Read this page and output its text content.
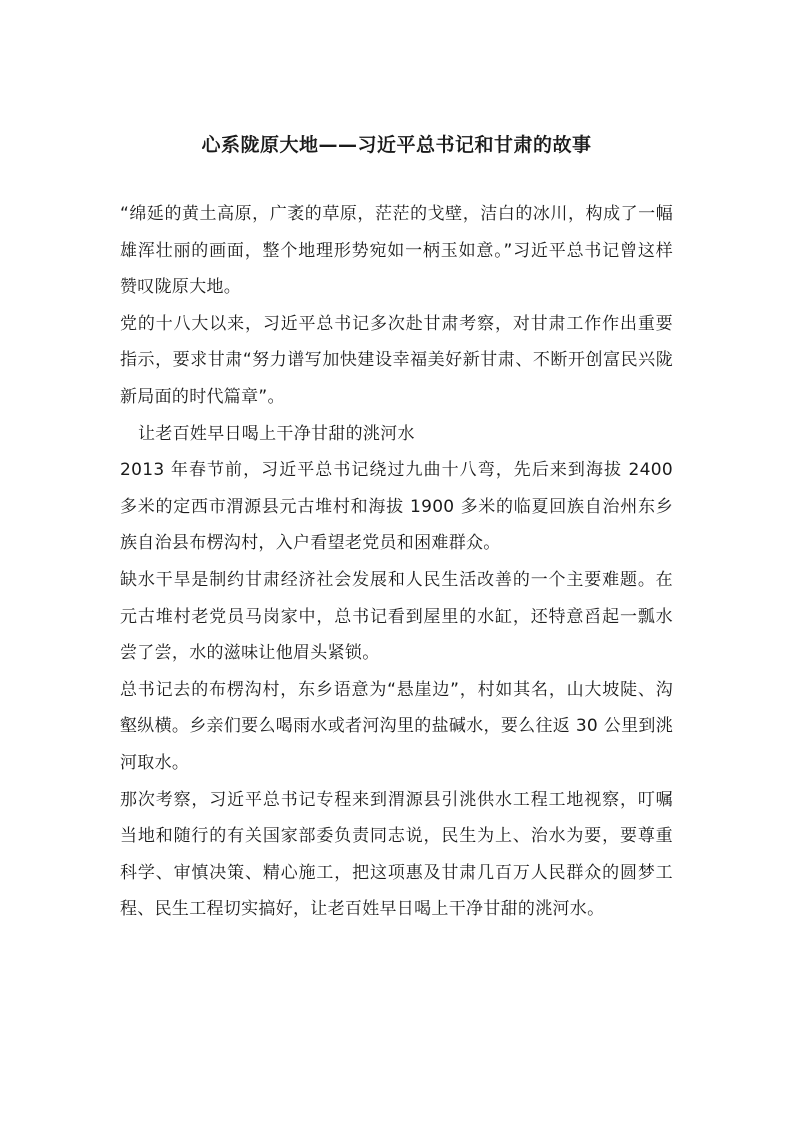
心系陇原大地——习近平总书记和甘肃的故事

“绵延的黄土高原，广袤的草原，茫茫的戈壁，洁白的冰川，构成了一幅雄浑壮丽的画面，整个地理形势宛如一柄玉如意。”习近平总书记曾这样赞叹陇原大地。

党的十八大以来，习近平总书记多次赴甘肃考察，对甘肃工作作出重要指示，要求甘肃“努力谱写加快建设幸福美好新甘肃、不断开创富民兴陇新局面的时代篇章”。

让老百姓早日喝上干净甘甜的洮河水

2013 年春节前，习近平总书记绕过九曲十八弯，先后来到海拔 2400 多米的定西市渭源县元古堆村和海拔 1900 多米的临夏回族自治州东乡族自治县布楞沟村，入户看望老党员和困难群众。

缺水干旱是制约甘肃经济社会发展和人民生活改善的一个主要难题。在元古堆村老党员马岗家中，总书记看到屋里的水缸，还特意舀起一瓢水尝了尝，水的滋味让他眉头紧锁。

总书记去的布楞沟村，东乡语意为“悬崖边”，村如其名，山大坡陡、沟壑纵横。乡亲们要么喝雨水或者河沟里的盐碱水，要么往返 30 公里到洮河取水。

那次考察，习近平总书记专程来到渭源县引洮供水工程工地视察，叮嘱当地和随行的有关国家部委负责同志说，民生为上、治水为要，要尊重科学、审慎决策、精心施工，把这项惠及甘肃几百万人民群众的圆梦工程、民生工程切实搞好，让老百姓早日喝上干净甘甜的洮河水。
